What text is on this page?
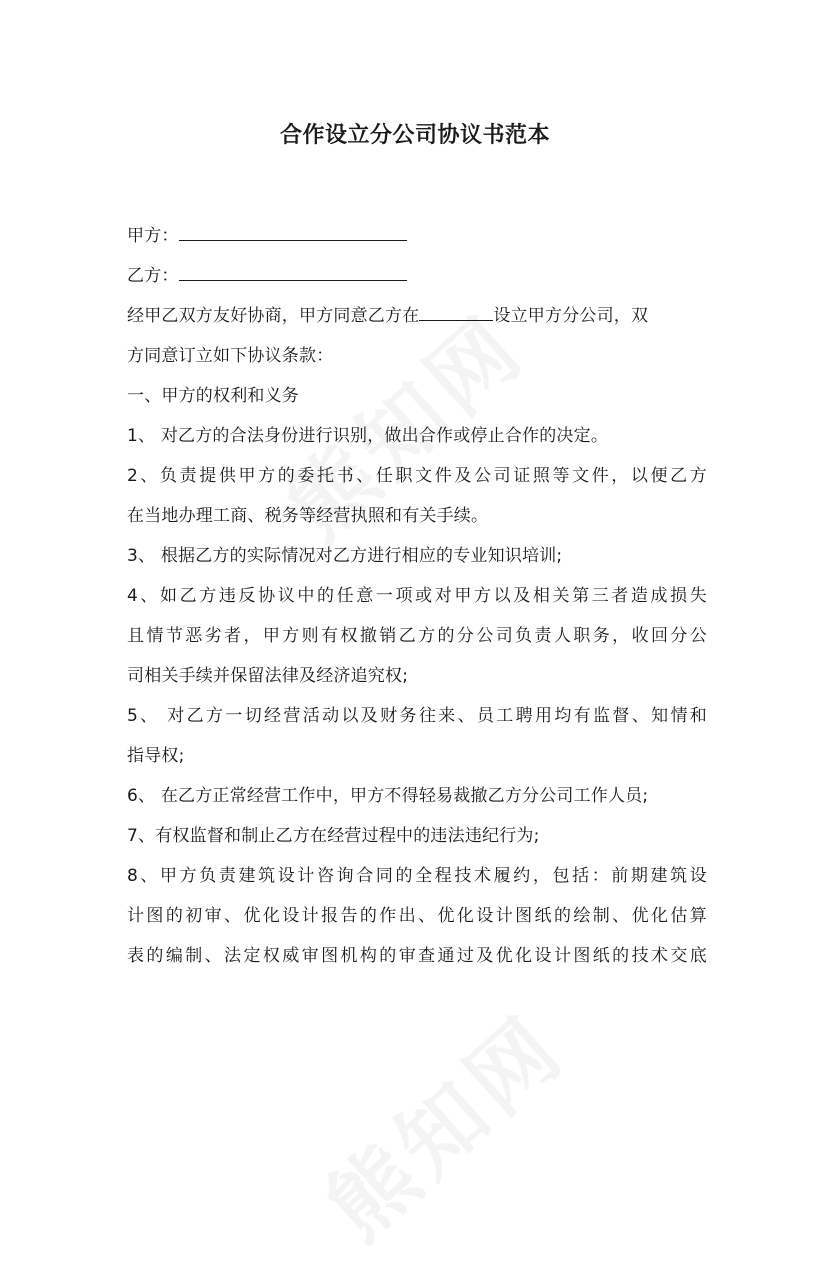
合作设立分公司协议书范本

甲方：

乙方：

经甲乙双方友好协商，甲方同意乙方在	设立甲方分公司，双

方同意订立如下协议条款：

一、甲方的权利和义务

1、 对乙方的合法身份进行识别，做出合作或停止合作的决定。

2、负责提供甲方的委托书、任职文件及公司证照等文件，以便乙方

在当地办理工商、税务等经营执照和有关手续。

3、 根据乙方的实际情况对乙方进行相应的专业知识培训;

4、如乙方违反协议中的任意一项或对甲方以及相关第三者造成损失

且情节恶劣者，甲方则有权撤销乙方的分公司负责人职务，收回分公

司相关手续并保留法律及经济追究权;

5、 对乙方一切经营活动以及财务往来、员工聘用均有监督、知情和

指导权;

6、 在乙方正常经营工作中，甲方不得轻易裁撤乙方分公司工作人员;

7、有权监督和制止乙方在经营过程中的违法违纪行为;

8、甲方负责建筑设计咨询合同的全程技术履约，包括：前期建筑设

计图的初审、优化设计报告的作出、优化设计图纸的绘制、优化估算

表的编制、法定权威审图机构的审查通过及优化设计图纸的技术交底
